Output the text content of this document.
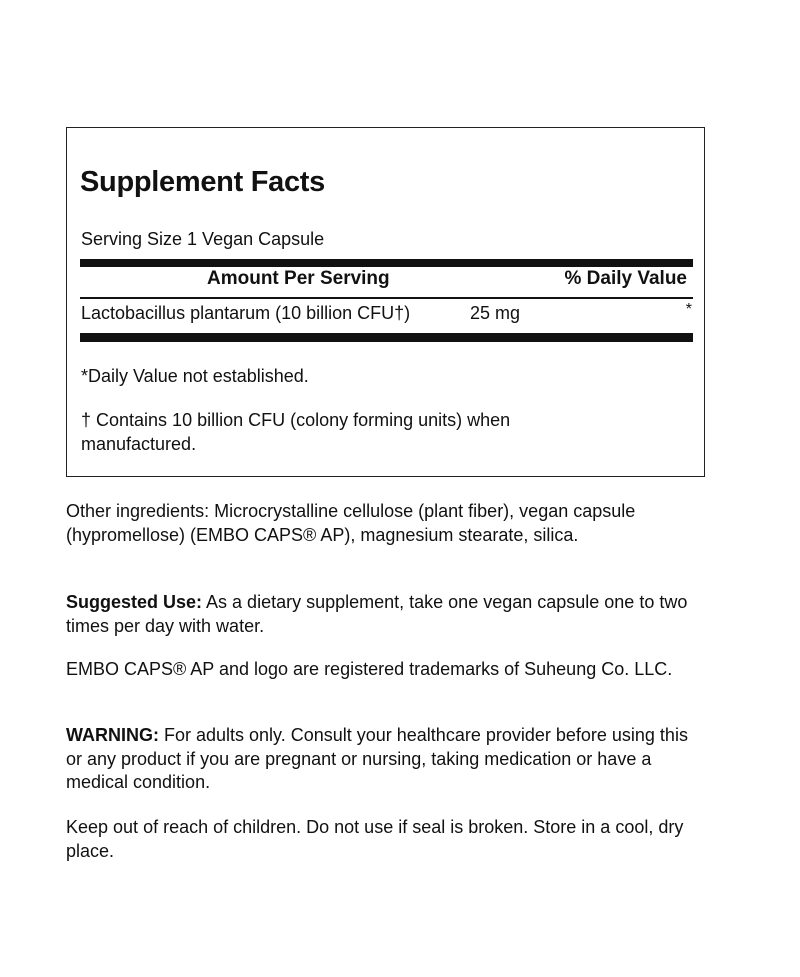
Supplement Facts
Serving Size 1 Vegan Capsule
Amount Per Serving	% Daily Value
Lactobacillus plantarum (10 billion CFU†)	25 mg	*
*Daily Value not established.
† Contains 10 billion CFU (colony forming units) when manufactured.
Other ingredients: Microcrystalline cellulose (plant fiber), vegan capsule (hypromellose) (EMBO CAPS® AP), magnesium stearate, silica.
Suggested Use: As a dietary supplement, take one vegan capsule one to two times per day with water.
EMBO CAPS® AP and logo are registered trademarks of Suheung Co. LLC.
WARNING: For adults only. Consult your healthcare provider before using this or any product if you are pregnant or nursing, taking medication or have a medical condition.
Keep out of reach of children. Do not use if seal is broken. Store in a cool, dry place.
